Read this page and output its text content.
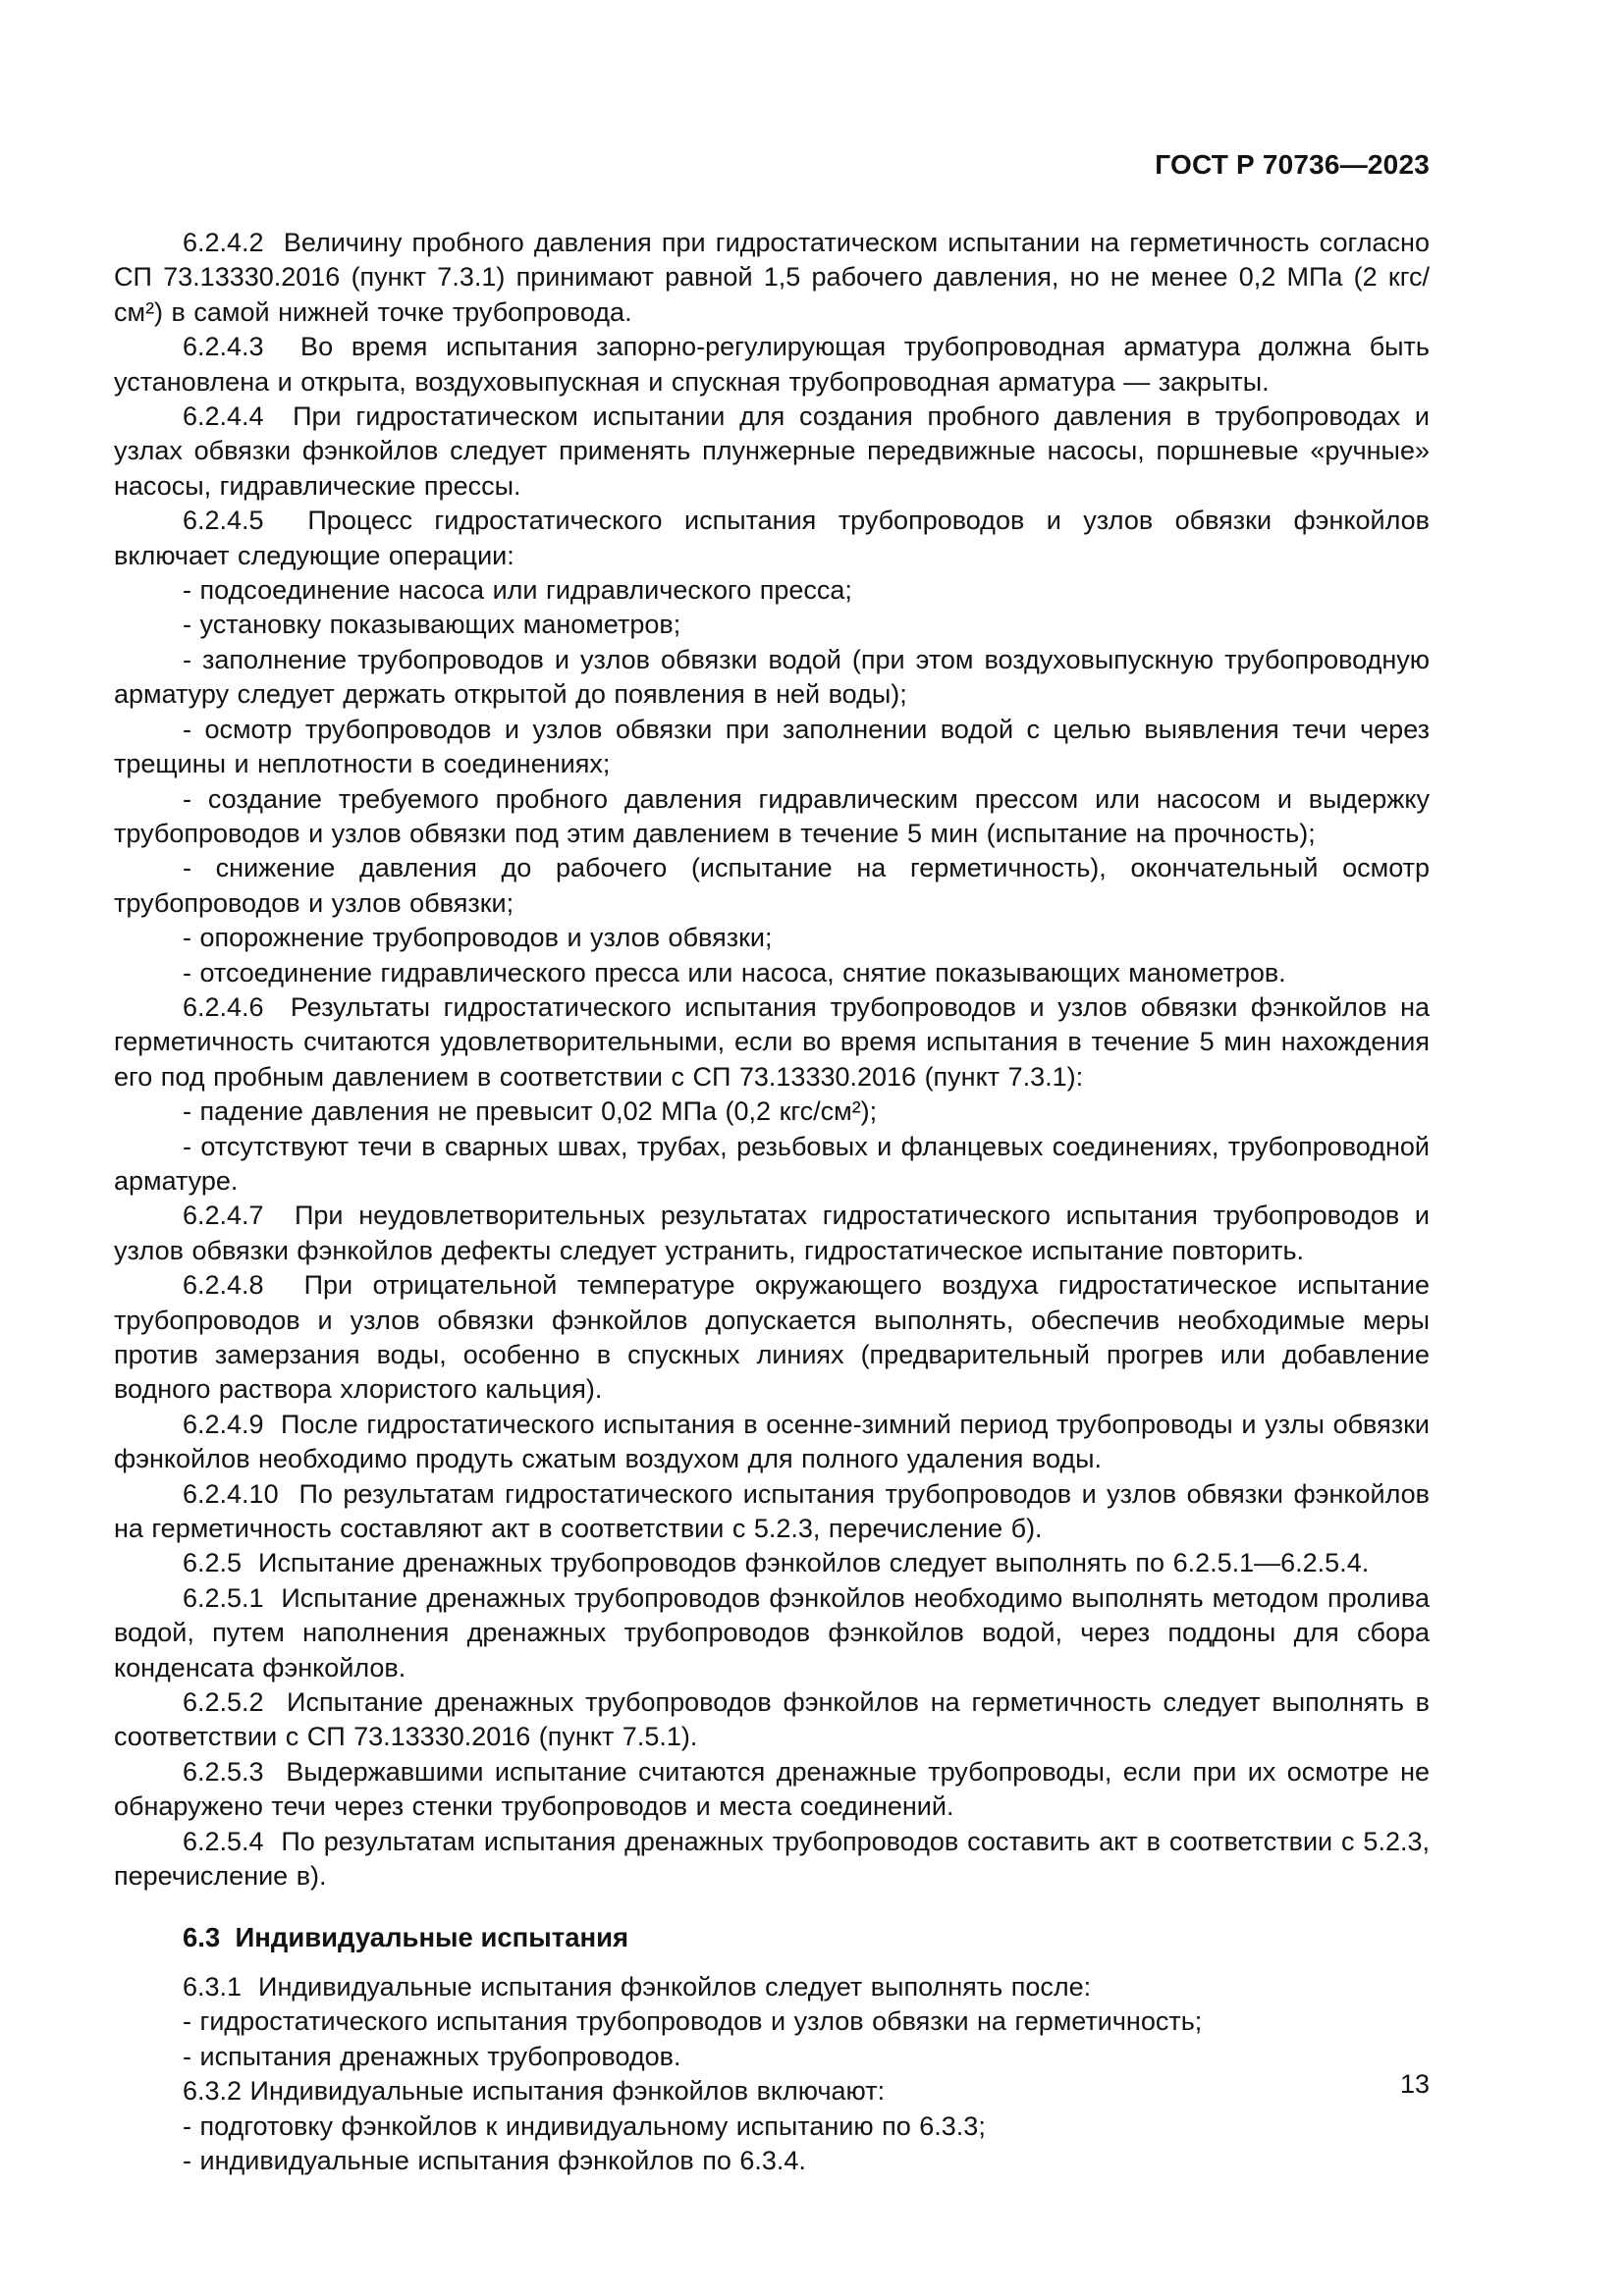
ГОСТ Р 70736—2023

6.2.4.2  Величину пробного давления при гидростатическом испытании на герметичность согласно СП 73.13330.2016 (пункт 7.3.1) принимают равной 1,5 рабочего давления, но не менее 0,2 МПа (2 кгс/см²) в самой нижней точке трубопровода.

6.2.4.3  Во время испытания запорно-регулирующая трубопроводная арматура должна быть установлена и открыта, воздуховыпускная и спускная трубопроводная арматура — закрыты.

6.2.4.4  При гидростатическом испытании для создания пробного давления в трубопроводах и узлах обвязки фэнкойлов следует применять плунжерные передвижные насосы, поршневые «ручные» насосы, гидравлические прессы.

6.2.4.5  Процесс гидростатического испытания трубопроводов и узлов обвязки фэнкойлов включает следующие операции:

- подсоединение насоса или гидравлического пресса;

- установку показывающих манометров;

- заполнение трубопроводов и узлов обвязки водой (при этом воздуховыпускную трубопроводную арматуру следует держать открытой до появления в ней воды);

- осмотр трубопроводов и узлов обвязки при заполнении водой с целью выявления течи через трещины и неплотности в соединениях;

- создание требуемого пробного давления гидравлическим прессом или насосом и выдержку трубопроводов и узлов обвязки под этим давлением в течение 5 мин (испытание на прочность);

- снижение давления до рабочего (испытание на герметичность), окончательный осмотр трубопроводов и узлов обвязки;

- опорожнение трубопроводов и узлов обвязки;

- отсоединение гидравлического пресса или насоса, снятие показывающих манометров.

6.2.4.6  Результаты гидростатического испытания трубопроводов и узлов обвязки фэнкойлов на герметичность считаются удовлетворительными, если во время испытания в течение 5 мин нахождения его под пробным давлением в соответствии с СП 73.13330.2016 (пункт 7.3.1):

- падение давления не превысит 0,02 МПа (0,2 кгс/см²);

- отсутствуют течи в сварных швах, трубах, резьбовых и фланцевых соединениях, трубопроводной арматуре.

6.2.4.7  При неудовлетворительных результатах гидростатического испытания трубопроводов и узлов обвязки фэнкойлов дефекты следует устранить, гидростатическое испытание повторить.

6.2.4.8  При отрицательной температуре окружающего воздуха гидростатическое испытание трубопроводов и узлов обвязки фэнкойлов допускается выполнять, обеспечив необходимые меры против замерзания воды, особенно в спускных линиях (предварительный прогрев или добавление водного раствора хлористого кальция).

6.2.4.9  После гидростатического испытания в осенне-зимний период трубопроводы и узлы обвязки фэнкойлов необходимо продуть сжатым воздухом для полного удаления воды.

6.2.4.10  По результатам гидростатического испытания трубопроводов и узлов обвязки фэнкойлов на герметичность составляют акт в соответствии с 5.2.3, перечисление б).

6.2.5  Испытание дренажных трубопроводов фэнкойлов следует выполнять по 6.2.5.1—6.2.5.4.

6.2.5.1  Испытание дренажных трубопроводов фэнкойлов необходимо выполнять методом пролива водой, путем наполнения дренажных трубопроводов фэнкойлов водой, через поддоны для сбора конденсата фэнкойлов.

6.2.5.2  Испытание дренажных трубопроводов фэнкойлов на герметичность следует выполнять в соответствии с СП 73.13330.2016 (пункт 7.5.1).

6.2.5.3  Выдержавшими испытание считаются дренажные трубопроводы, если при их осмотре не обнаружено течи через стенки трубопроводов и места соединений.

6.2.5.4  По результатам испытания дренажных трубопроводов составить акт в соответствии с 5.2.3, перечисление в).

6.3  Индивидуальные испытания

6.3.1  Индивидуальные испытания фэнкойлов следует выполнять после:

- гидростатического испытания трубопроводов и узлов обвязки на герметичность;

- испытания дренажных трубопроводов.

6.3.2 Индивидуальные испытания фэнкойлов включают:

- подготовку фэнкойлов к индивидуальному испытанию по 6.3.3;

- индивидуальные испытания фэнкойлов по 6.3.4.

13
